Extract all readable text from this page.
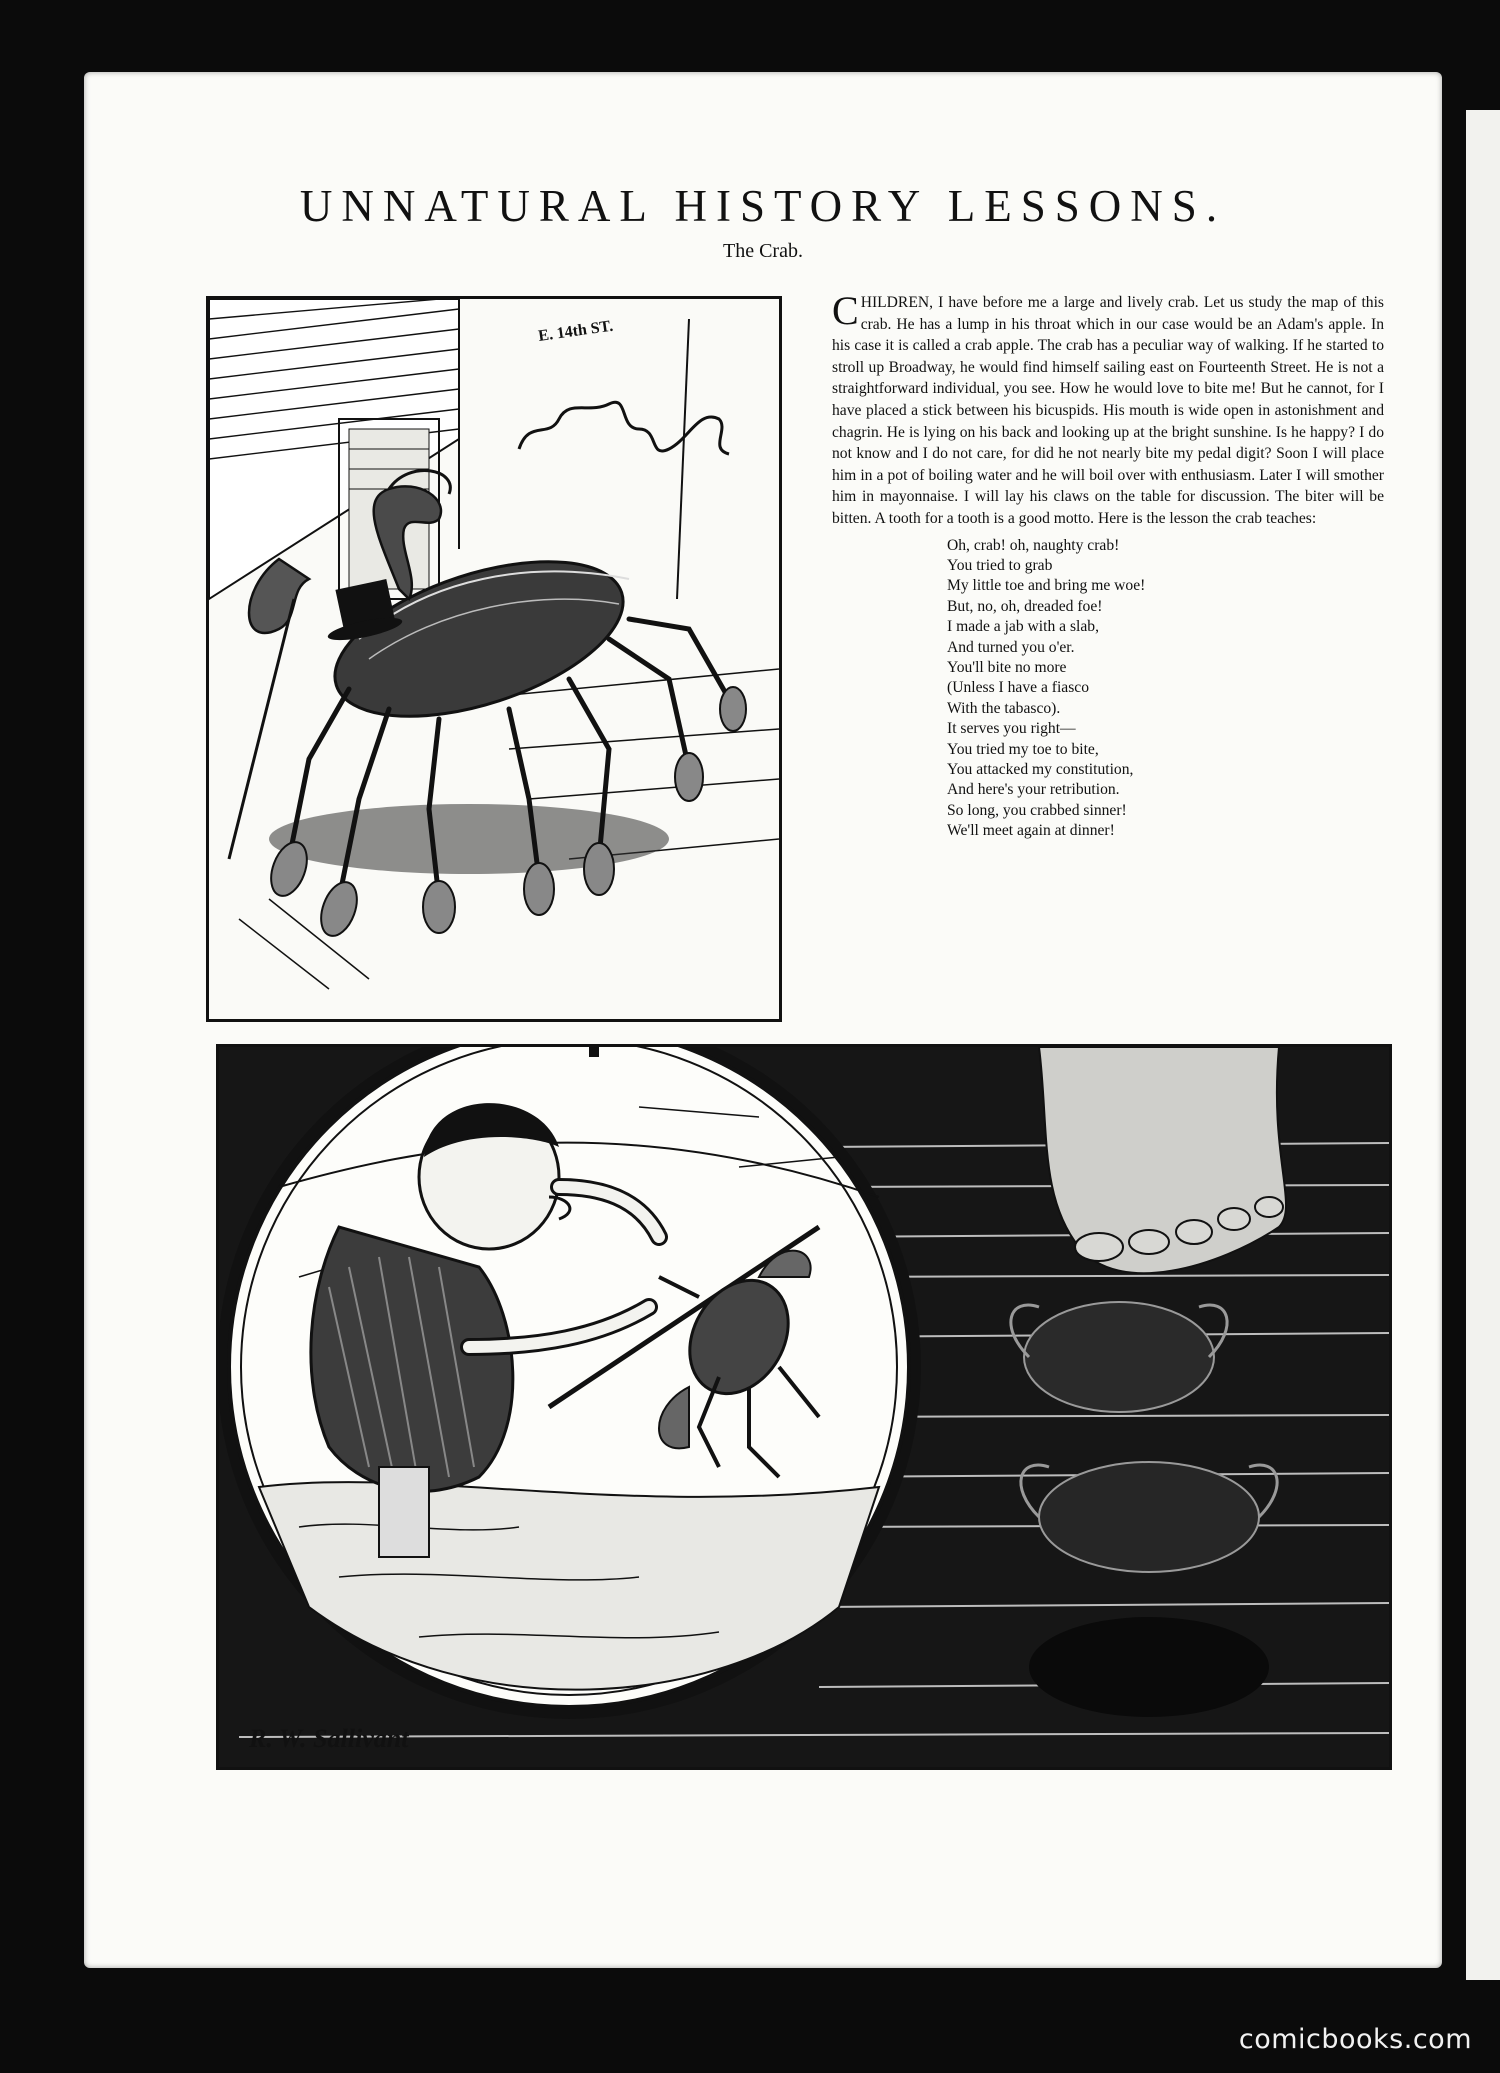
UNNATURAL HISTORY LESSONS.
The Crab.
E. 14th ST.	CHILDREN, I have before me a large and lively crab. Let us study the map of this crab. He has a lump in his throat which in our case would be an Adam's apple. In his case it is called a crab apple. The crab has a peculiar way of walking. If he started to stroll up Broadway, he would find himself sailing east on Fourteenth Street. He is not a straightforward individual, you see. How he would love to bite me! But he cannot, for I have placed a stick between his bicuspids. His mouth is wide open in astonishment and chagrin. He is lying on his back and looking up at the bright sunshine. Is he happy? I do not know and I do not care, for did he not nearly bite my pedal digit? Soon I will place him in a pot of boiling water and he will boil over with enthusiasm. Later I will smother him in mayonnaise. I will lay his claws on the table for discussion. The biter will be bitten. A tooth for a tooth is a good motto. Here is the lesson the crab teaches:

Oh, crab! oh, naughty crab!
You tried to grab
My little toe and bring me woe!
But, no, oh, dreaded foe!
I made a jab with a slab,
And turned you o'er.
You'll bite no more
(Unless I have a fiasco
With the tabasco).
It serves you right—
You tried my toe to bite,
You attacked my constitution,
And here's your retribution.
So long, you crabbed sinner!
We'll meet again at dinner!
R. W. Sallivant
comicbooks.com
